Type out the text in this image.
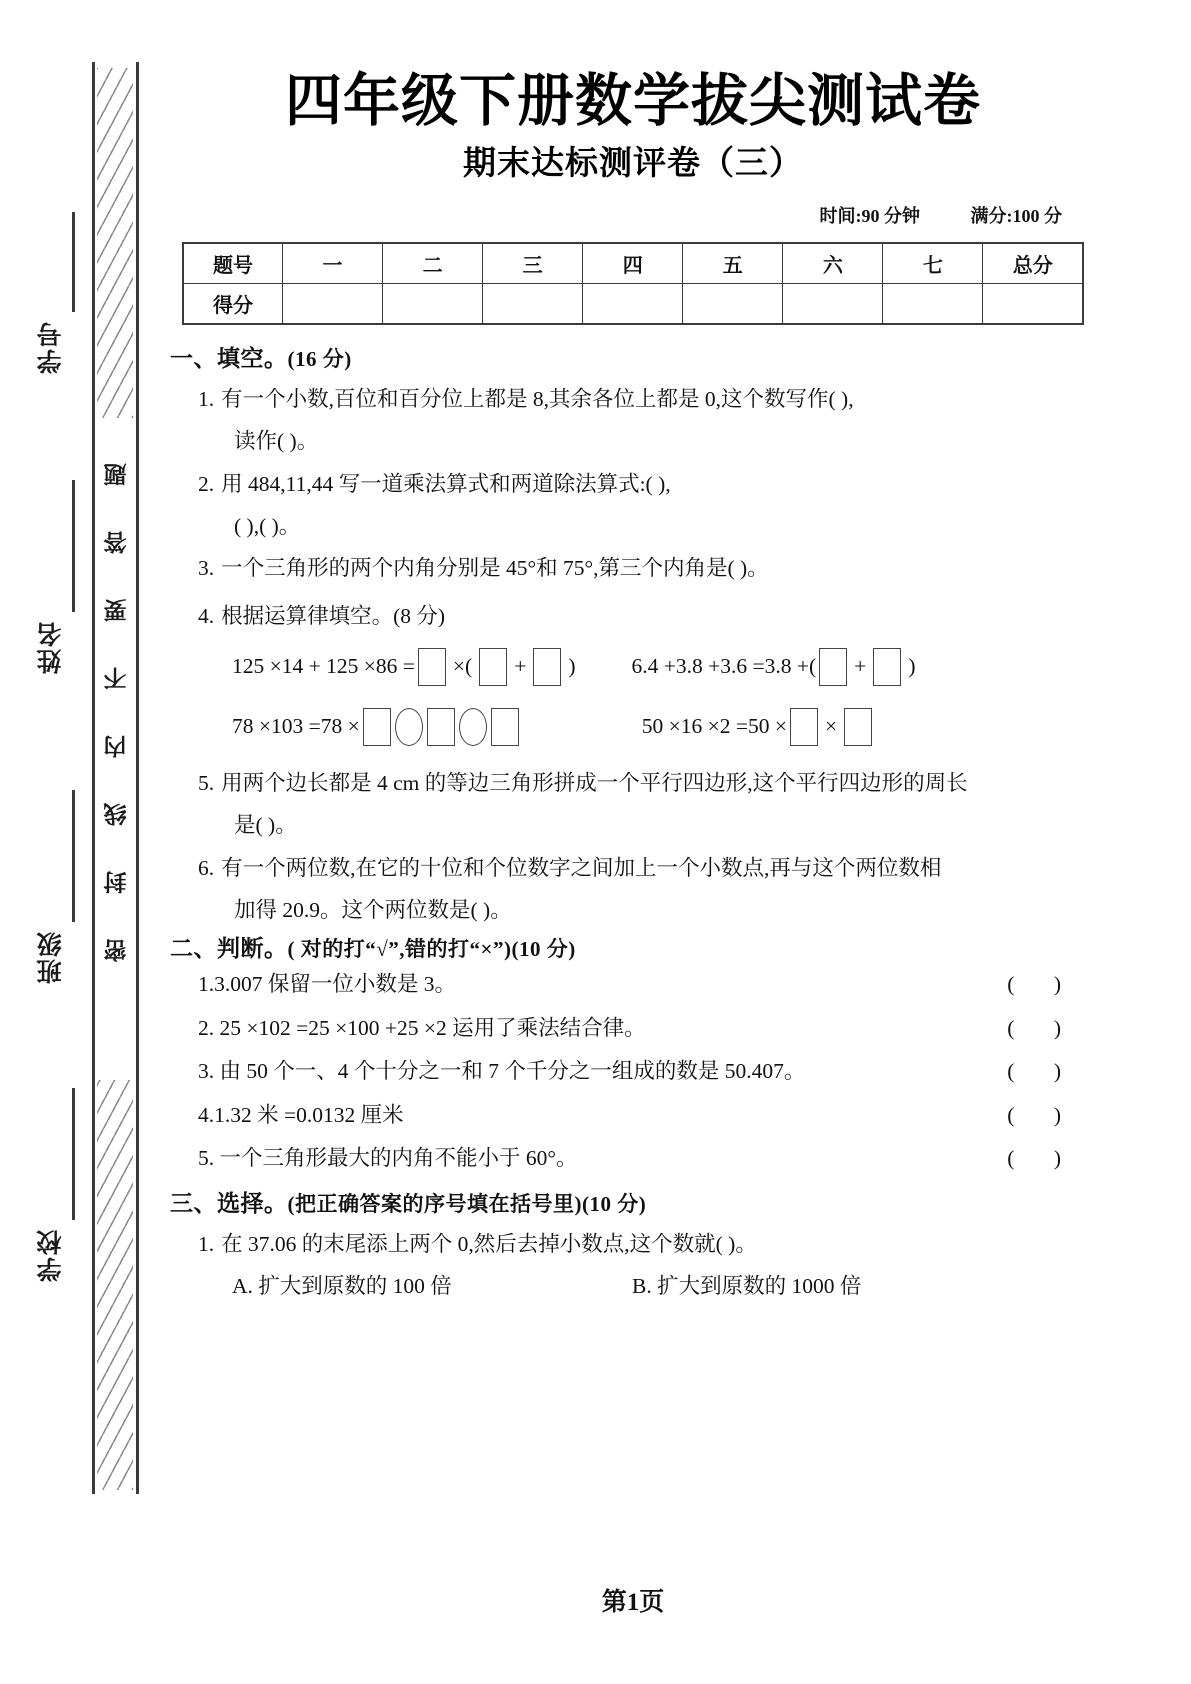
题
答
要
不
内
线
封
密
学号
姓名
班级
学校
四年级下册数学拔尖测试卷
期末达标测评卷（三）
时间:90 分钟	满分:100 分
题号	一	二	三	四	五	六	七	总分
得分								
一、填空。(16 分)
1. 有一个小数,百位和百分位上都是 8,其余各位上都是 0,这个数写作( ),
读作( )。
2. 用 484,11,44 写一道乘法算式和两道除法算式:( ),
( ),( )。
3. 一个三角形的两个内角分别是 45°和 75°,第三个内角是( )。
4. 根据运算律填空。(8 分)
125 ×14 + 125 ×86 = ×( + )	6.4 +3.8 +3.6 =3.8 +( + )
78 ×103 =78 ×	50 ×16 ×2 =50 × ×
5. 用两个边长都是 4 cm 的等边三角形拼成一个平行四边形,这个平行四边形的周长
是( )。
6. 有一个两位数,在它的十位和个位数字之间加上一个小数点,再与这个两位数相
加得 20.9。这个两位数是( )。
二、判断。( 对的打“√”,错的打“×”)(10 分)
1.3.007 保留一位小数是 3。	( )
2. 25 ×102 =25 ×100 +25 ×2 运用了乘法结合律。	( )
3. 由 50 个一、4 个十分之一和 7 个千分之一组成的数是 50.407。	( )
4.1.32 米 =0.0132 厘米	( )
5. 一个三角形最大的内角不能小于 60°。	( )
三、选择。(把正确答案的序号填在括号里)(10 分)
1. 在 37.06 的末尾添上两个 0,然后去掉小数点,这个数就( )。
A. 扩大到原数的 100 倍	B. 扩大到原数的 1000 倍
第1页
